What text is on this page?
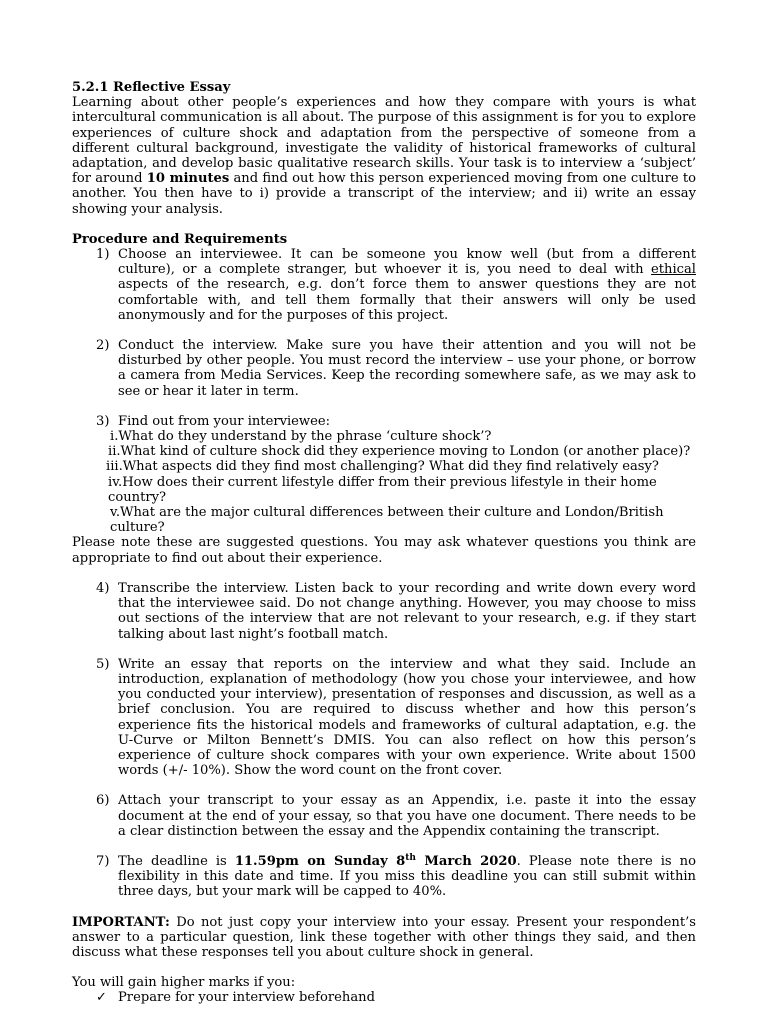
5.2.1 Reflective Essay

Learning about other people’s experiences and how they compare with yours is what intercultural communication is all about. The purpose of this assignment is for you to explore experiences of culture shock and adaptation from the perspective of someone from a different cultural background, investigate the validity of historical frameworks of cultural adaptation, and develop basic qualitative research skills. Your task is to interview a ‘subject’ for around 10 minutes and find out how this person experienced moving from one culture to another. You then have to i) provide a transcript of the interview; and ii) write an essay showing your analysis.

Procedure and Requirements

1) Choose an interviewee. It can be someone you know well (but from a different culture), or a complete stranger, but whoever it is, you need to deal with ethical aspects of the research, e.g. don’t force them to answer questions they are not comfortable with, and tell them formally that their answers will only be used anonymously and for the purposes of this project.
2) Conduct the interview. Make sure you have their attention and you will not be disturbed by other people. You must record the interview – use your phone, or borrow a camera from Media Services. Keep the recording somewhere safe, as we may ask to see or hear it later in term.
3) Find out from your interviewee:
i.What do they understand by the phrase ‘culture shock’?
ii.What kind of culture shock did they experience moving to London (or another place)?
iii.What aspects did they find most challenging? What did they find relatively easy?
iv.How does their current lifestyle differ from their previous lifestyle in their home country?
v.What are the major cultural differences between their culture and London/British culture?
Please note these are suggested questions. You may ask whatever questions you think are appropriate to find out about their experience.
4) Transcribe the interview. Listen back to your recording and write down every word that the interviewee said. Do not change anything. However, you may choose to miss out sections of the interview that are not relevant to your research, e.g. if they start talking about last night’s football match.
5) Write an essay that reports on the interview and what they said. Include an introduction, explanation of methodology (how you chose your interviewee, and how you conducted your interview), presentation of responses and discussion, as well as a brief conclusion. You are required to discuss whether and how this person’s experience fits the historical models and frameworks of cultural adaptation, e.g. the U-Curve or Milton Bennett’s DMIS. You can also reflect on how this person’s experience of culture shock compares with your own experience. Write about 1500 words (+/- 10%). Show the word count on the front cover.
6) Attach your transcript to your essay as an Appendix, i.e. paste it into the essay document at the end of your essay, so that you have one document. There needs to be a clear distinction between the essay and the Appendix containing the transcript.
7) The deadline is 11.59pm on Sunday 8th March 2020. Please note there is no flexibility in this date and time. If you miss this deadline you can still submit within three days, but your mark will be capped to 40%.

IMPORTANT: Do not just copy your interview into your essay. Present your respondent’s answer to a particular question, link these together with other things they said, and then discuss what these responses tell you about culture shock in general.

You will gain higher marks if you:

✓ Prepare for your interview beforehand
